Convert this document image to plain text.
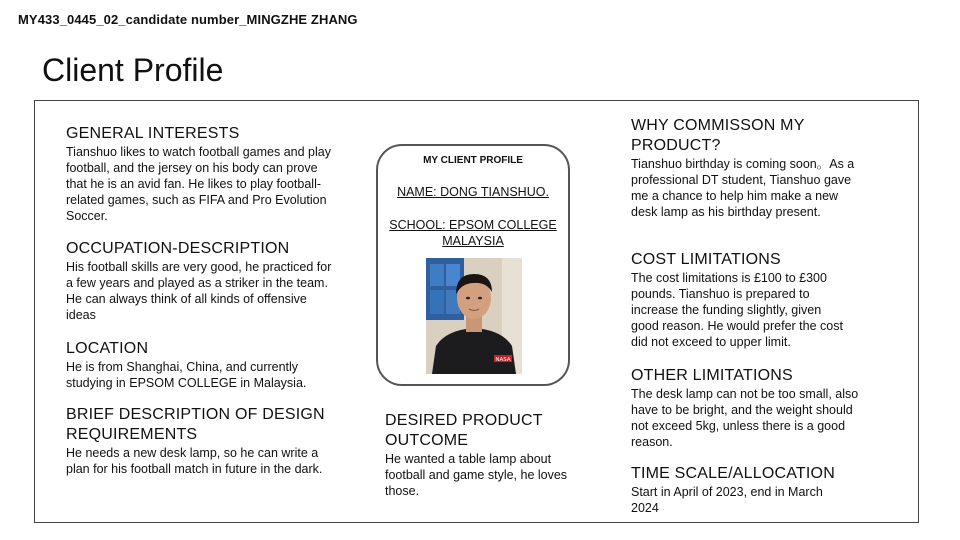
MY433_0445_02_candidate number_MINGZHE ZHANG
Client Profile
GENERAL INTERESTS

Tianshuo likes to watch football games and play football, and the jersey on his body can prove that he is an avid fan. He likes to play football-related games, such as FIFA and Pro Evolution Soccer.

OCCUPATION-DESCRIPTION

His football skills are very good, he practiced for a few years and played as a striker in the team. He can always think of all kinds of offensive ideas

LOCATION

He is from Shanghai, China, and currently studying in EPSOM COLLEGE in Malaysia.

BRIEF DESCRIPTION OF DESIGN REQUIREMENTS

He needs a new desk lamp, so he can write a plan for his football match in future in the dark.

MY CLIENT PROFILE
NAME: DONG TIANSHUO.
SCHOOL: EPSOM COLLEGE MALAYSIA
NASA
DESIRED PRODUCT OUTCOME

He wanted a table lamp about football and game style, he loves those.

WHY COMMISSON MY PRODUCT?

Tianshuo birthday is coming soon。As a professional DT student, Tianshuo gave me a chance to help him make a new desk lamp as his birthday present.

COST LIMITATIONS

The cost limitations is £100 to £300 pounds. Tianshuo is prepared to increase the funding slightly, given good reason. He would prefer the cost did not exceed to upper limit.

OTHER LIMITATIONS

The desk lamp can not be too small, also have to be bright, and the weight should not exceed 5kg, unless there is a good reason.

TIME SCALE/ALLOCATION

Start in April of 2023, end in March 2024
